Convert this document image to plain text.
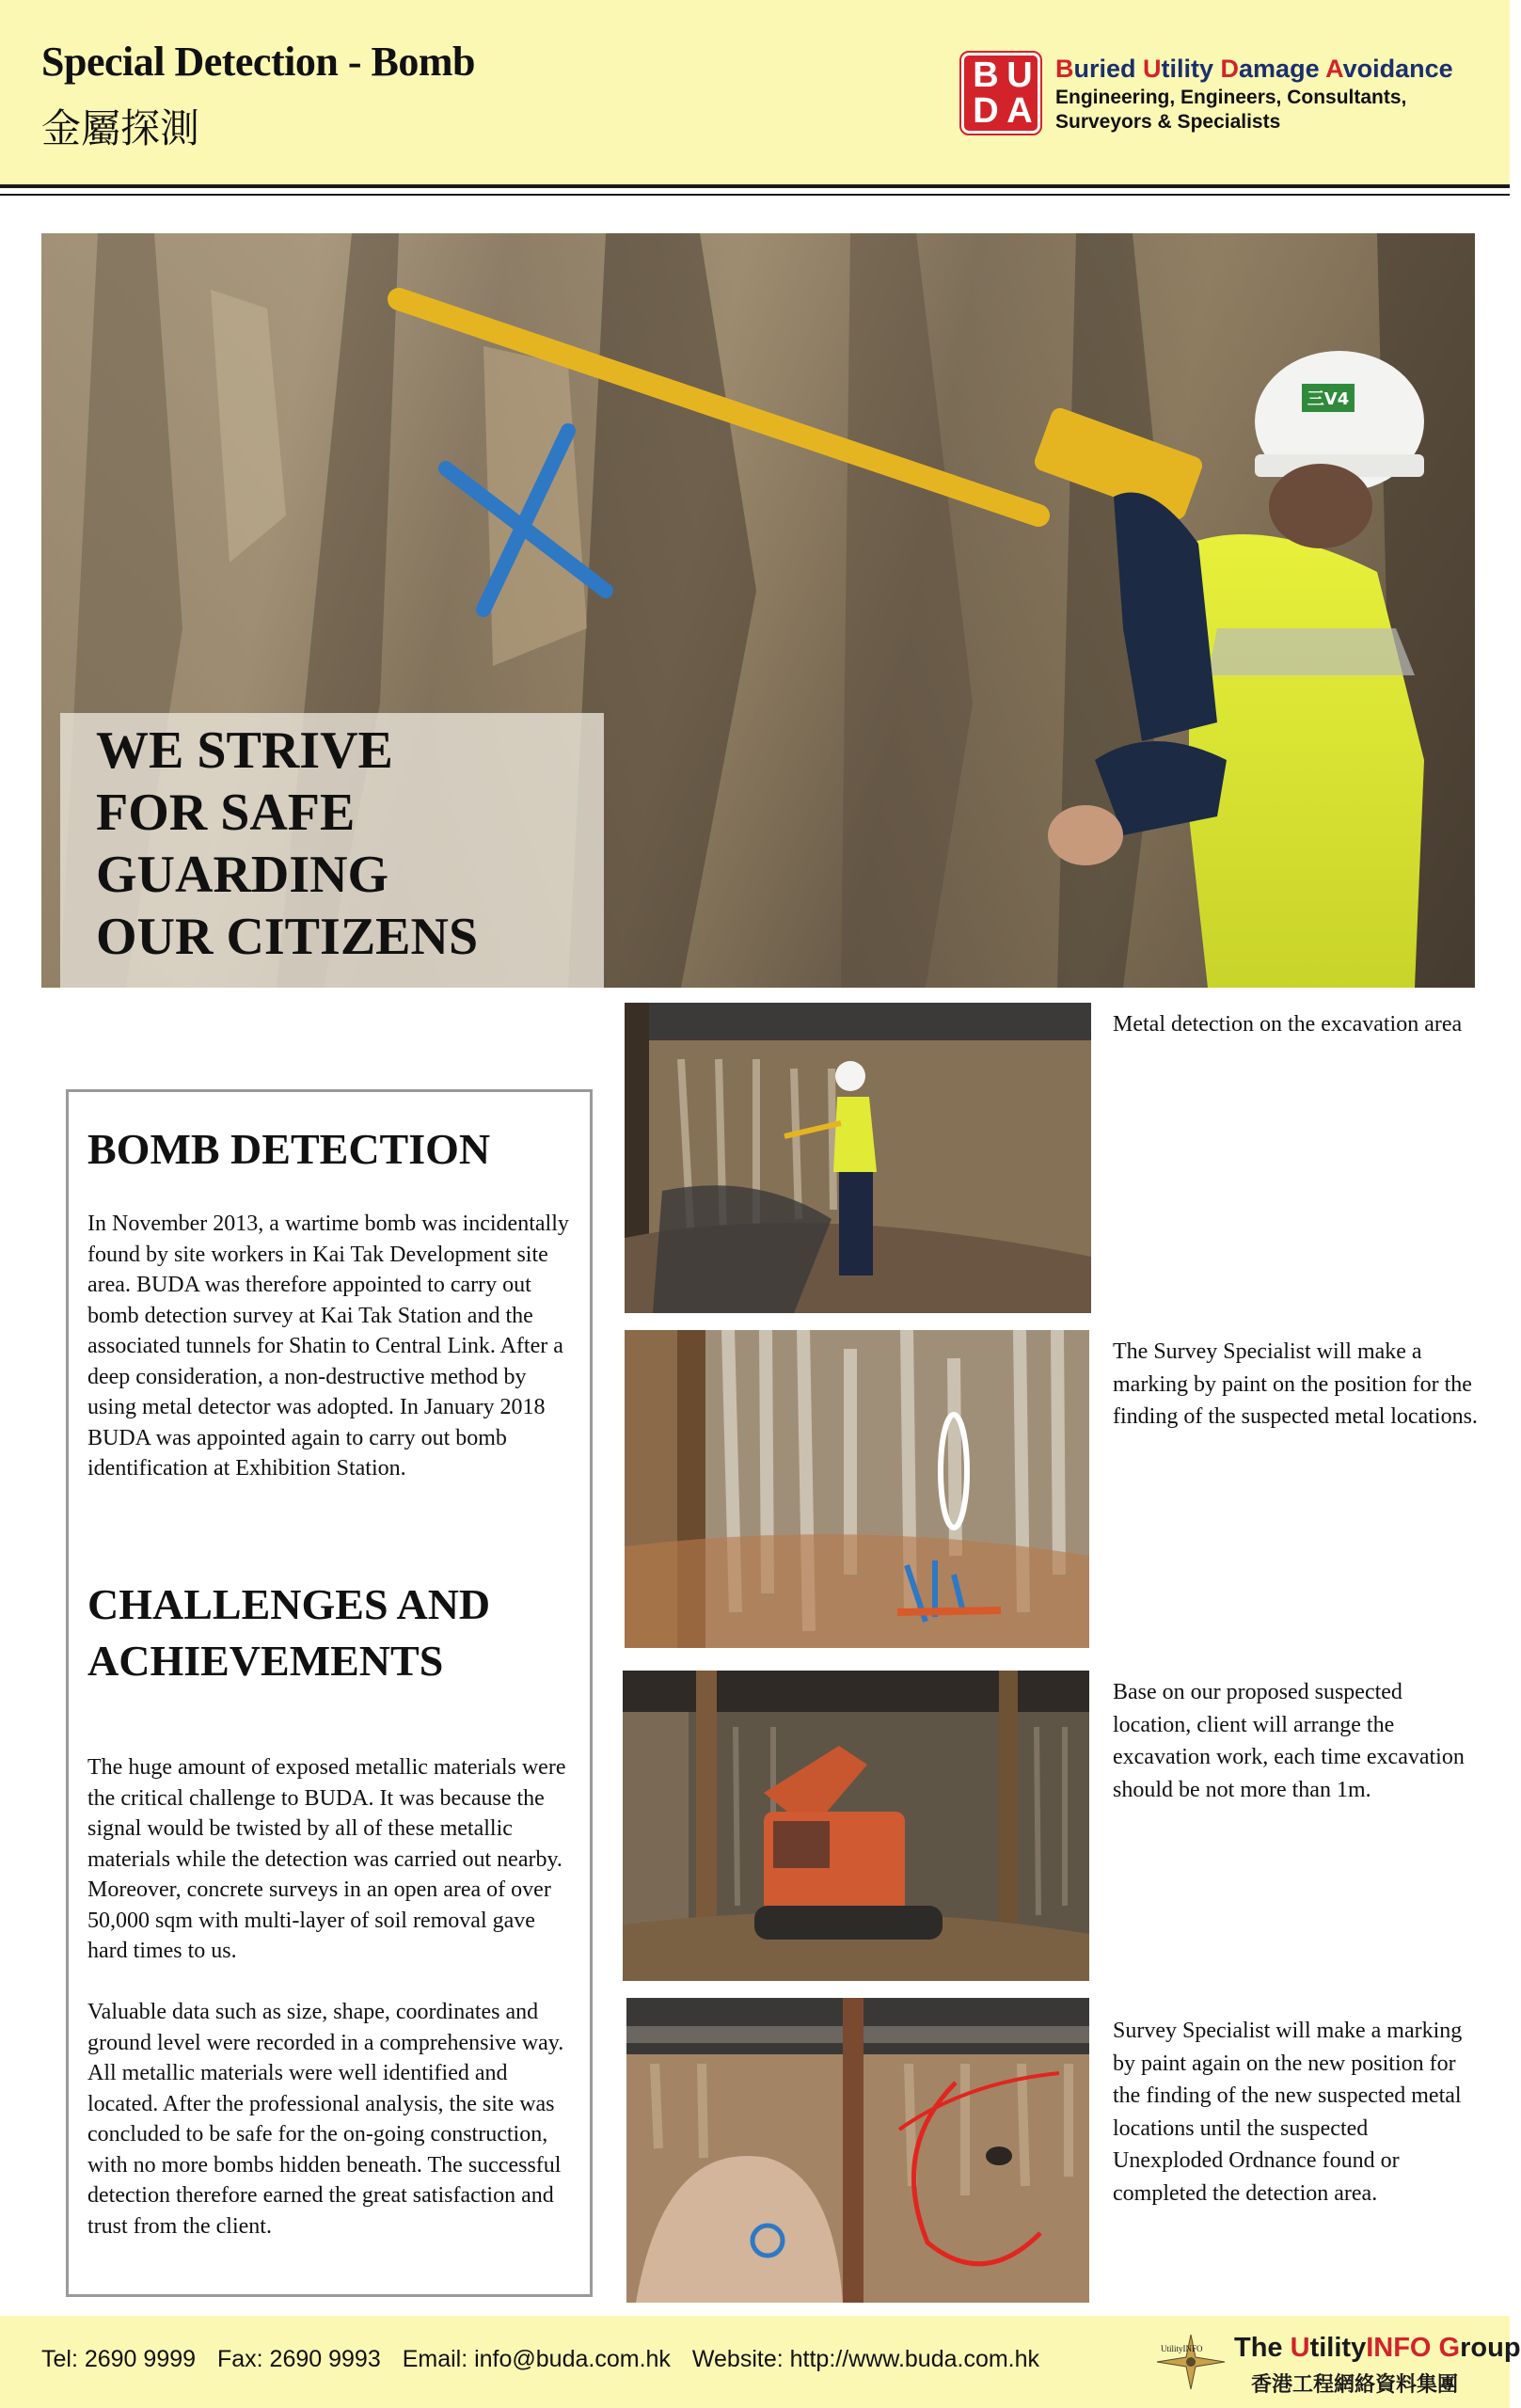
Special Detection - Bomb
金屬探測
B U
D A
Buried Utility Damage Avoidance
Engineering, Engineers, Consultants,
Surveyors & Specialists
三V4
WE STRIVE
FOR SAFE
GUARDING
OUR CITIZENS
BOMB DETECTION
In November 2013, a wartime bomb was incidentally found by site workers in Kai Tak Development site area. BUDA was therefore appointed to carry out bomb detection survey at Kai Tak Station and the associated tunnels for Shatin to Central Link. After a deep consideration, a non-destructive method by using metal detector was adopted. In January 2018 BUDA was appointed again to carry out bomb identification at Exhibition Station.
CHALLENGES AND
ACHIEVEMENTS
The huge amount of exposed metallic materials were the critical challenge to BUDA. It was because the signal would be twisted by all of these metallic materials while the detection was carried out nearby. Moreover, concrete surveys in an open area of over 50,000 sqm with multi-layer of soil removal gave hard times to us.
Valuable data such as size, shape, coordinates and ground level were recorded in a comprehensive way. All metallic materials were well identified and located. After the professional analysis, the site was concluded to be safe for the on-going construction, with no more bombs hidden beneath. The successful detection therefore earned the great satisfaction and trust from the client.
Metal detection on the excavation area
The Survey Specialist will make a marking by paint on the position for the finding of the suspected metal locations.
Base on our proposed suspected location, client will arrange the excavation work, each time excavation should be not more than 1m.
Survey Specialist will make a marking by paint again on the new position for the finding of the new suspected metal locations until the suspected Unexploded Ordnance found or completed the detection area.
Tel: 2690 9999 Fax: 2690 9993 Email: info@buda.com.hk Website: http://www.buda.com.hk	UtilityINFO The UtilityINFO Group
香港工程網絡資料集團
